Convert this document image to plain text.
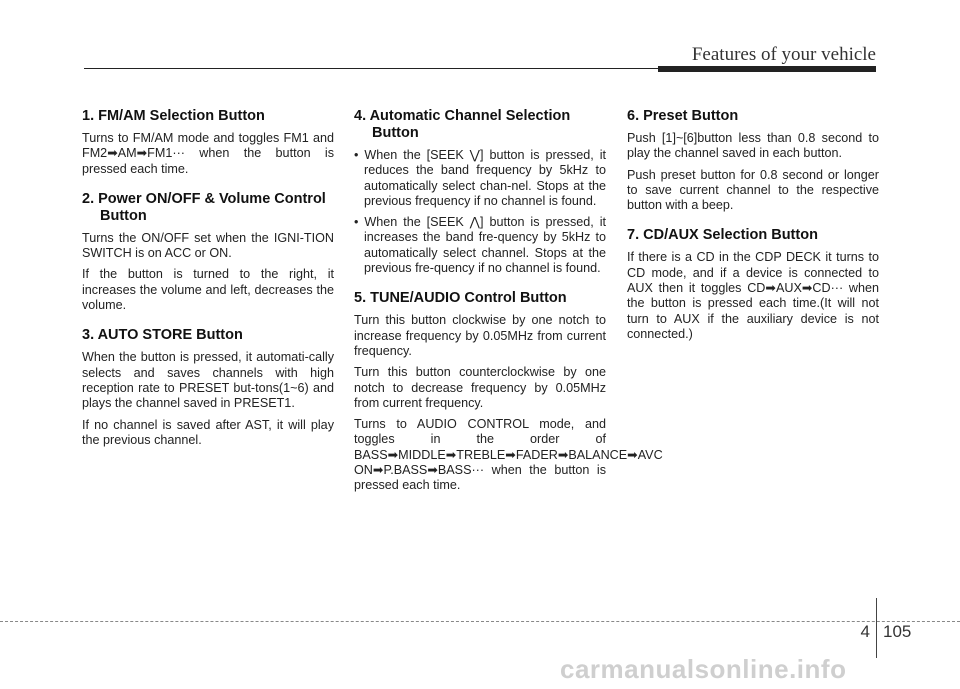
Features of your vehicle
1. FM/AM Selection Button

Turns to FM/AM mode and toggles FM1 and FM2➡AM➡FM1··· when the button is pressed each time.

2. Power ON/OFF & Volume Control Button

Turns the ON/OFF set when the IGNI-TION SWITCH is on ACC or ON.

If the button is turned to the right, it increases the volume and left, decreases the volume.

3. AUTO STORE Button

When the button is pressed, it automati-cally selects and saves channels with high reception rate to PRESET but-tons(1~6) and plays the channel saved in PRESET1.

If no channel is saved after AST, it will play the previous channel.

4. Automatic Channel Selection Button
• When the [SEEK ⋁] button is pressed, it reduces the band frequency by 5kHz to automatically select chan-nel. Stops at the previous frequency if no channel is found.
• When the [SEEK ⋀] button is pressed, it increases the band fre-quency by 5kHz to automatically select channel. Stops at the previous fre-quency if no channel is found.
5. TUNE/AUDIO Control Button

Turn this button clockwise by one notch to increase frequency by 0.05MHz from current frequency.

Turn this button counterclockwise by one notch to decrease frequency by 0.05MHz from current frequency.

Turns to AUDIO CONTROL mode, and toggles in the order of BASS➡MIDDLE➡TREBLE➡FADER➡BALANCE➡AVC ON➡P.BASS➡BASS··· when the button is pressed each time.

6. Preset Button

Push [1]~[6]button less than 0.8 second to play the channel saved in each button.

Push preset button for 0.8 second or longer to save current channel to the respective button with a beep.

7. CD/AUX Selection Button

If there is a CD in the CDP DECK it turns to CD mode, and if a device is connected to AUX then it toggles CD➡AUX➡CD··· when the button is pressed each time.(It will not turn to AUX if the auxiliary device is not connected.)

4 105
carmanualsonline.info
